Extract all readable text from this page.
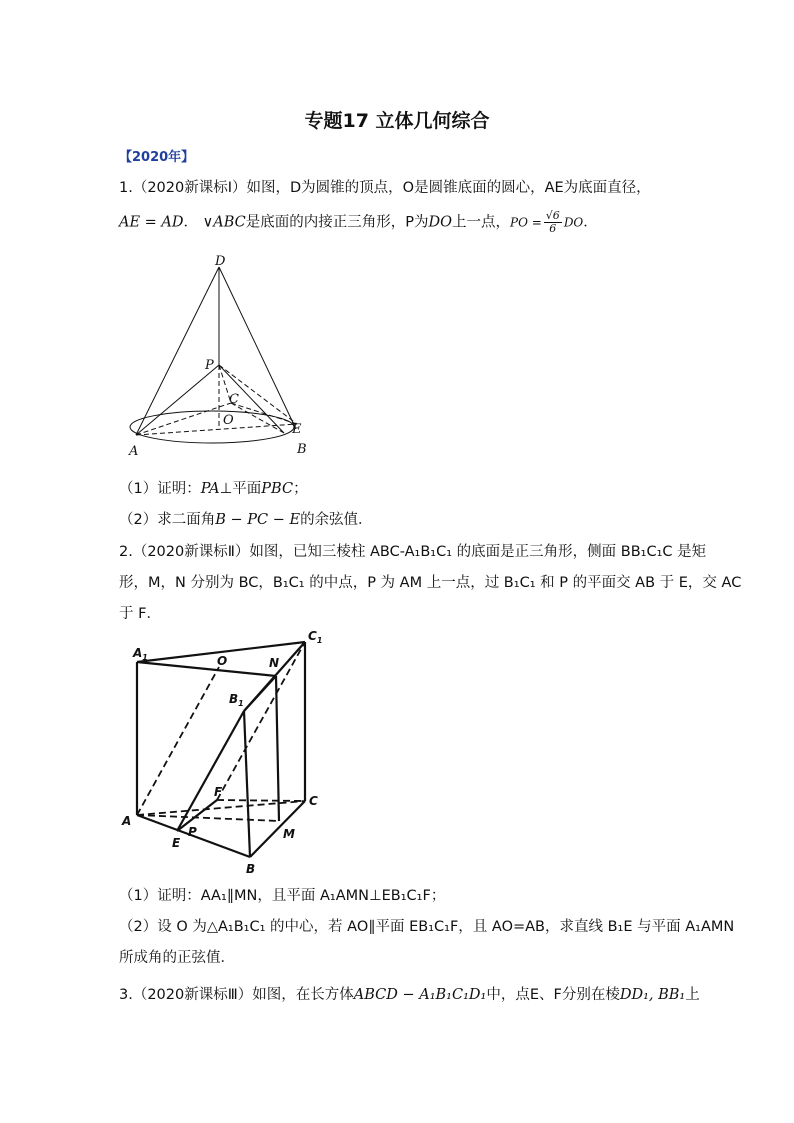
专题17 立体几何综合
【2020年】
1.（2020新课标Ⅰ）如图，D为圆锥的顶点，O是圆锥底面的圆心，AE为底面直径，
AE = AD． ∨ABC是底面的内接正三角形，P为DO上一点，PO = $\frac{√6}{6}$ DO．
D
P
C
O
E
A	B
（1）证明：PA⊥平面PBC；
（2）求二面角B − PC − E的余弦值．
2.（2020新课标Ⅱ）如图，已知三棱柱 ABC-A₁B₁C₁ 的底面是正三角形，侧面 BB₁C₁C 是矩
形，M，N 分别为 BC，B₁C₁ 的中点，P 为 AM 上一点，过 B₁C₁ 和 P 的平面交 AB 于 E，交 AC
于 F．
$A_1$
$C_1$
$B_1$
O	N
F
C
A
P	M
E
B
（1）证明：AA₁∥MN，且平面 A₁AMN⊥EB₁C₁F；
（2）设 O 为△A₁B₁C₁ 的中心，若 AO∥平面 EB₁C₁F，且 AO=AB，求直线 B₁E 与平面 A₁AMN
所成角的正弦值．
3.（2020新课标Ⅲ）如图，在长方体ABCD − A₁B₁C₁D₁中，点E、F分别在棱DD₁, BB₁上
